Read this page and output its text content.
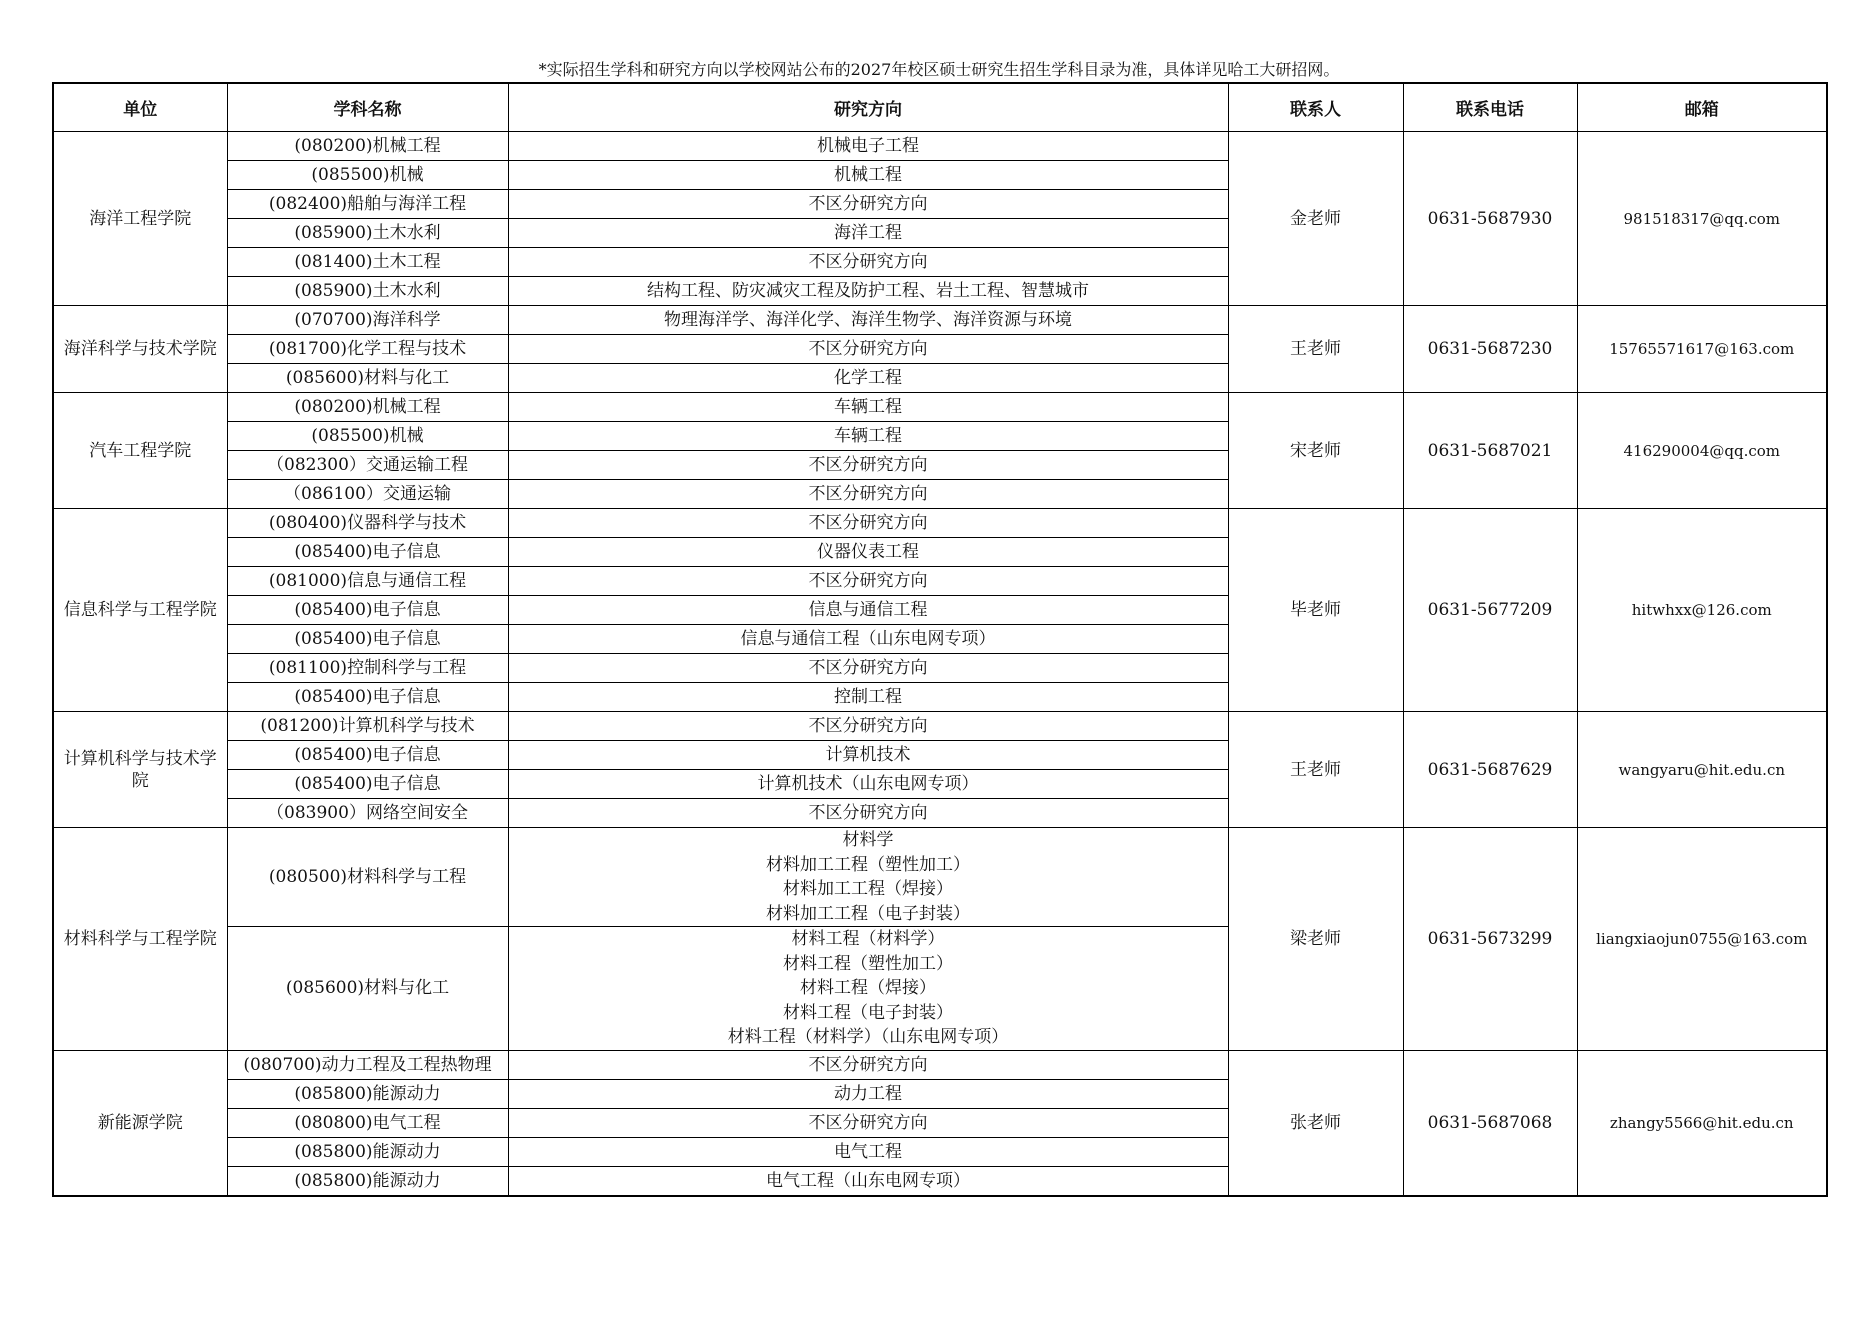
*实际招生学科和研究方向以学校网站公布的2027年校区硕士研究生招生学科目录为准，具体详见哈工大研招网。
单位	学科名称	研究方向	联系人	联系电话	邮箱
海洋工程学院	(080200)机械工程	机械电子工程	金老师	0631-5687930	981518317@qq.com
	(085500)机械	机械工程			
	(082400)船舶与海洋工程	不区分研究方向			
	(085900)土木水利	海洋工程			
	(081400)土木工程	不区分研究方向			
	(085900)土木水利	结构工程、防灾减灾工程及防护工程、岩土工程、智慧城市			
海洋科学与技术学院	(070700)海洋科学	物理海洋学、海洋化学、海洋生物学、海洋资源与环境	王老师	0631-5687230	15765571617@163.com
	(081700)化学工程与技术	不区分研究方向			
	(085600)材料与化工	化学工程			
汽车工程学院	(080200)机械工程	车辆工程	宋老师	0631-5687021	416290004@qq.com
	(085500)机械	车辆工程			
	（082300）交通运输工程	不区分研究方向			
	（086100）交通运输	不区分研究方向			
信息科学与工程学院	(080400)仪器科学与技术	不区分研究方向	毕老师	0631-5677209	hitwhxx@126.com
	(085400)电子信息	仪器仪表工程			
	(081000)信息与通信工程	不区分研究方向			
	(085400)电子信息	信息与通信工程			
	(085400)电子信息	信息与通信工程（山东电网专项）			
	(081100)控制科学与工程	不区分研究方向			
	(085400)电子信息	控制工程			
计算机科学与技术学院	(081200)计算机科学与技术	不区分研究方向	王老师	0631-5687629	wangyaru@hit.edu.cn
	(085400)电子信息	计算机技术			
	(085400)电子信息	计算机技术（山东电网专项）			
	（083900）网络空间安全	不区分研究方向			
材料科学与工程学院	(080500)材料科学与工程	材料学
材料加工工程（塑性加工）
材料加工工程（焊接）
材料加工工程（电子封装）	梁老师	0631-5673299	liangxiaojun0755@163.com
	(085600)材料与化工	材料工程（材料学）
材料工程（塑性加工）
材料工程（焊接）
材料工程（电子封装）
材料工程（材料学）（山东电网专项）			

新能源学院	(080700)动力工程及工程热物理	不区分研究方向	张老师	0631-5687068	zhangy5566@hit.edu.cn
	(085800)能源动力	动力工程			
	(080800)电气工程	不区分研究方向			
	(085800)能源动力	电气工程			
	(085800)能源动力	电气工程（山东电网专项）			
